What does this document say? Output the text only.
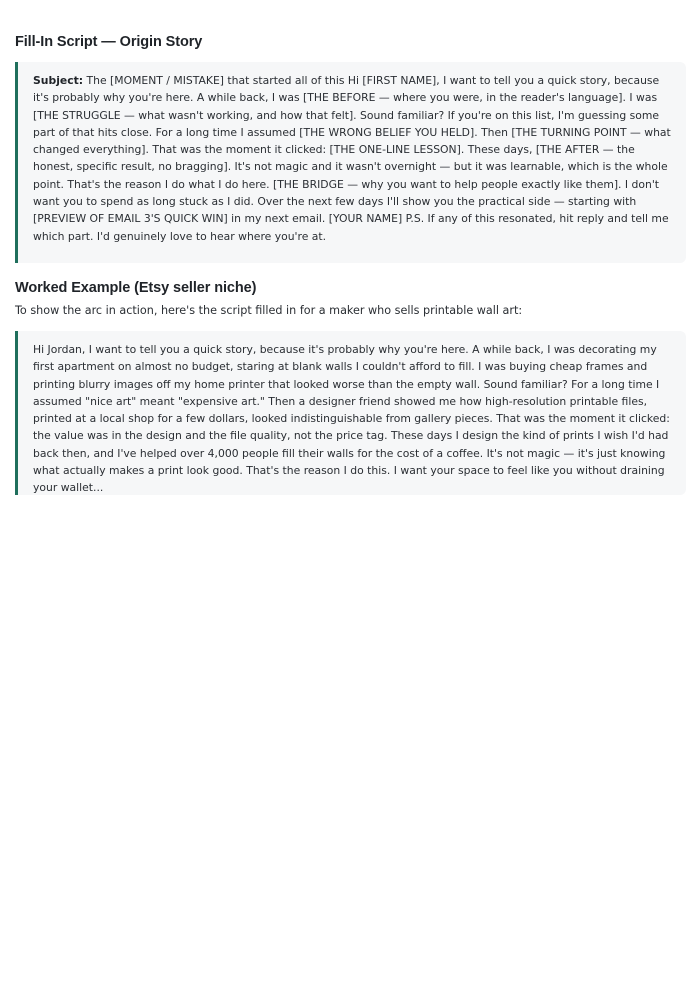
Fill-In Script — Origin Story

Subject: The [MOMENT / MISTAKE] that started all of this Hi [FIRST NAME], I want to tell you a quick story, because it's probably why you're here. A while back, I was [THE BEFORE — where you were, in the reader's language]. I was [THE STRUGGLE — what wasn't working, and how that felt]. Sound familiar? If you're on this list, I'm guessing some part of that hits close. For a long time I assumed [THE WRONG BELIEF YOU HELD]. Then [THE TURNING POINT — what changed everything]. That was the moment it clicked: [THE ONE-LINE LESSON]. These days, [THE AFTER — the honest, specific result, no bragging]. It's not magic and it wasn't overnight — but it was learnable, which is the whole point. That's the reason I do what I do here. [THE BRIDGE — why you want to help people exactly like them]. I don't want you to spend as long stuck as I did. Over the next few days I'll show you the practical side — starting with [PREVIEW OF EMAIL 3'S QUICK WIN] in my next email. [YOUR NAME] P.S. If any of this resonated, hit reply and tell me which part. I'd genuinely love to hear where you're at.

Worked Example (Etsy seller niche)

To show the arc in action, here's the script filled in for a maker who sells printable wall art:

Hi Jordan, I want to tell you a quick story, because it's probably why you're here. A while back, I was decorating my first apartment on almost no budget, staring at blank walls I couldn't afford to fill. I was buying cheap frames and printing blurry images off my home printer that looked worse than the empty wall. Sound familiar? For a long time I assumed "nice art" meant "expensive art." Then a designer friend showed me how high-resolution printable files, printed at a local shop for a few dollars, looked indistinguishable from gallery pieces. That was the moment it clicked: the value was in the design and the file quality, not the price tag. These days I design the kind of prints I wish I'd had back then, and I've helped over 4,000 people fill their walls for the cost of a coffee. It's not magic — it's just knowing what actually makes a print look good. That's the reason I do this. I want your space to feel like you without draining your wallet...
